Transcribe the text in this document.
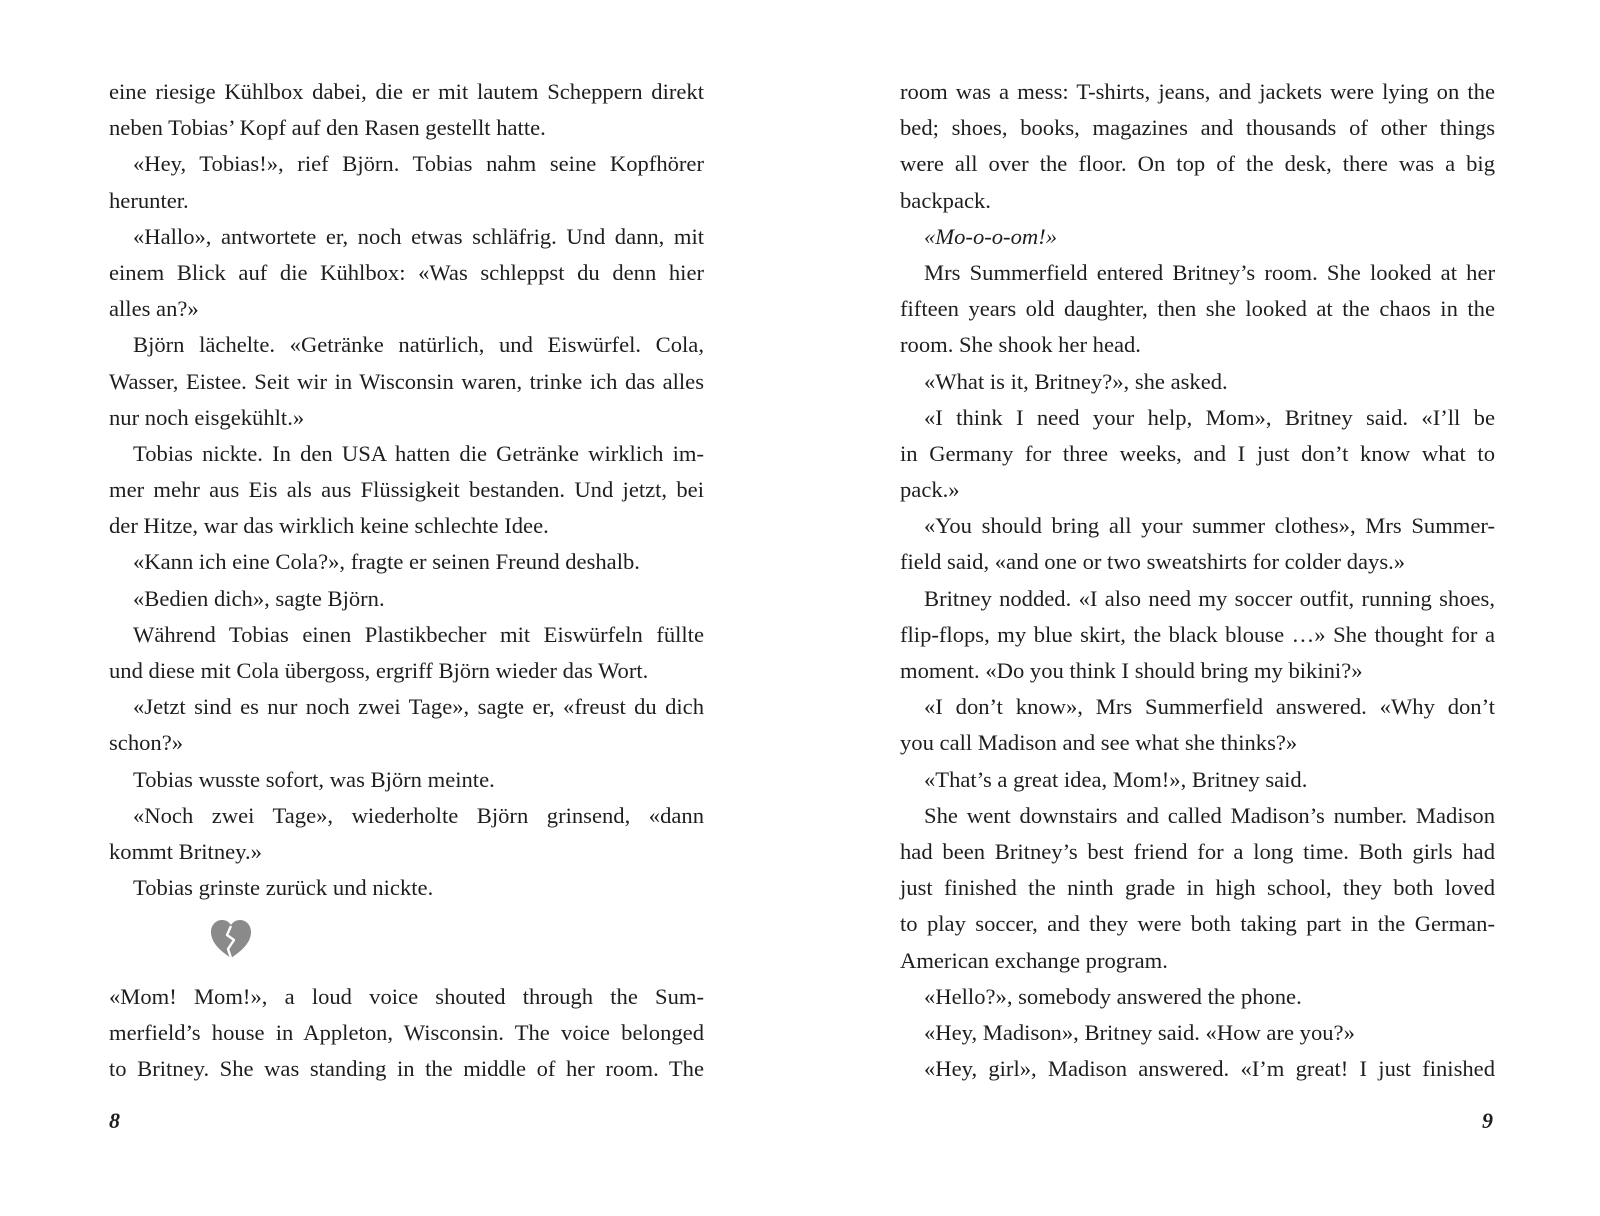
eine riesige Kühlbox dabei, die er mit lautem Scheppern direkt
neben Tobias’ Kopf auf den Rasen gestellt hatte.
«Hey, Tobias!», rief Björn. Tobias nahm seine Kopfhörer
herunter.
«Hallo», antwortete er, noch etwas schläfrig. Und dann, mit
einem Blick auf die Kühlbox: «Was schleppst du denn hier
alles an?»
Björn lächelte. «Getränke natürlich, und Eiswürfel. Cola,
Wasser, Eistee. Seit wir in Wisconsin waren, trinke ich das alles
nur noch eisgekühlt.»
Tobias nickte. In den USA hatten die Getränke wirklich im-
mer mehr aus Eis als aus Flüssigkeit bestanden. Und jetzt, bei
der Hitze, war das wirklich keine schlechte Idee.
«Kann ich eine Cola?», fragte er seinen Freund deshalb.
«Bedien dich», sagte Björn.
Während Tobias einen Plastikbecher mit Eiswürfeln füllte
und diese mit Cola übergoss, ergriff Björn wieder das Wort.
«Jetzt sind es nur noch zwei Tage», sagte er, «freust du dich
schon?»
Tobias wusste sofort, was Björn meinte.
«Noch zwei Tage», wiederholte Björn grinsend, «dann
kommt Britney.»
Tobias grinste zurück und nickte.
«Mom! Mom!», a loud voice shouted through the Sum-
merfield’s house in Appleton, Wisconsin. The voice belonged
to Britney. She was standing in the middle of her room. The
room was a mess: T-shirts, jeans, and jackets were lying on the
bed; shoes, books, magazines and thousands of other things
were all over the floor. On top of the desk, there was a big
backpack.
«Mo-o-o-om!»
Mrs Summerfield entered Britney’s room. She looked at her
fifteen years old daughter, then she looked at the chaos in the
room. She shook her head.
«What is it, Britney?», she asked.
«I think I need your help, Mom», Britney said. «I’ll be
in Germany for three weeks, and I just don’t know what to
pack.»
«You should bring all your summer clothes», Mrs Summer-
field said, «and one or two sweatshirts for colder days.»
Britney nodded. «I also need my soccer outfit, running shoes,
flip-flops, my blue skirt, the black blouse …» She thought for a
moment. «Do you think I should bring my bikini?»
«I don’t know», Mrs Summerfield answered. «Why don’t
you call Madison and see what she thinks?»
«That’s a great idea, Mom!», Britney said.
She went downstairs and called Madison’s number. Madison
had been Britney’s best friend for a long time. Both girls had
just finished the ninth grade in high school, they both loved
to play soccer, and they were both taking part in the German-
American exchange program.
«Hello?», somebody answered the phone.
«Hey, Madison», Britney said. «How are you?»
«Hey, girl», Madison answered. «I’m great! I just finished
8	9
